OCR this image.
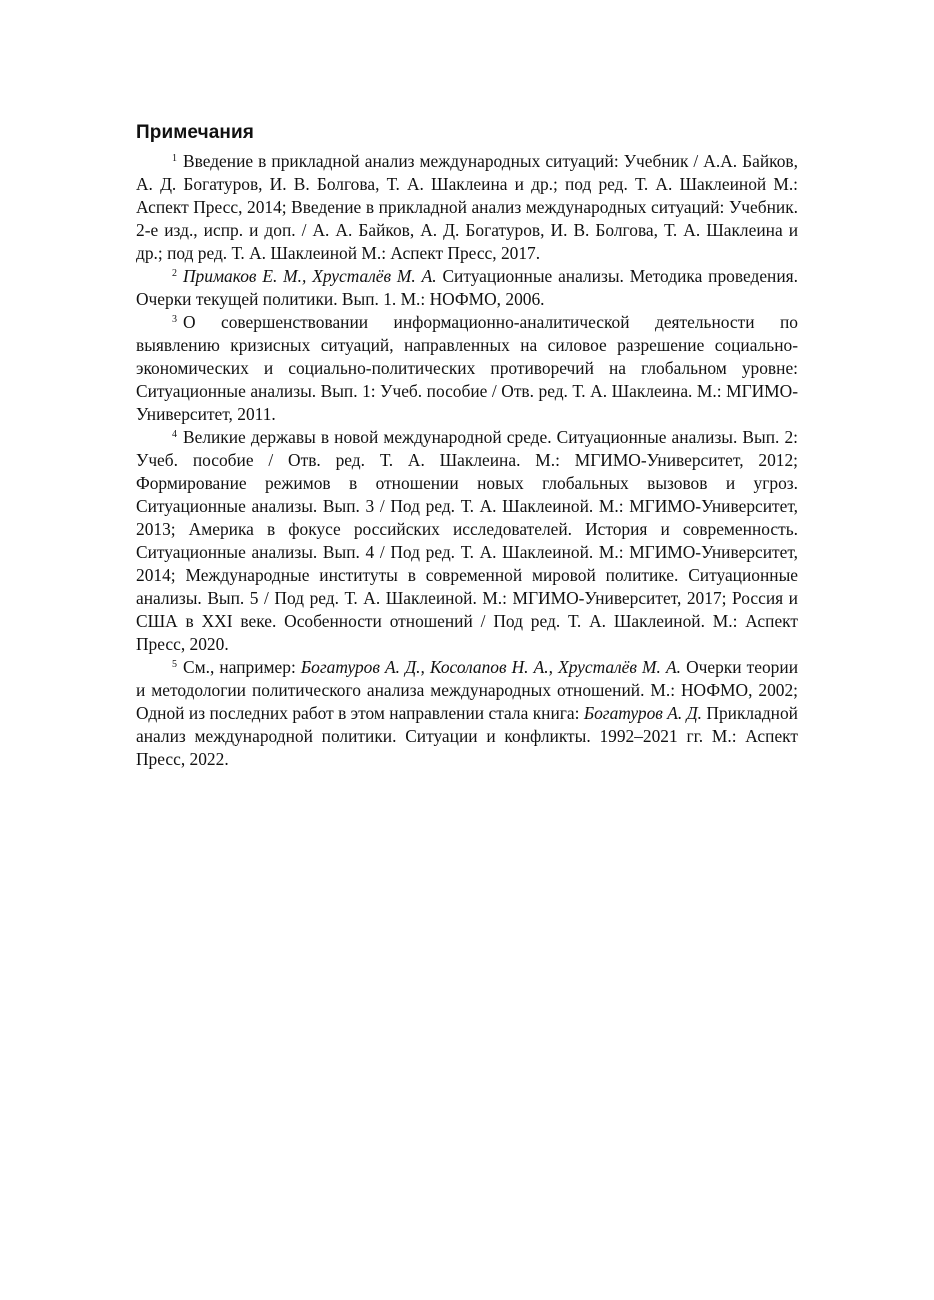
Примечания

$^1$ Введение в прикладной анализ международных ситуаций: Учебник / А.А. Байков, А. Д. Богатуров, И. В. Болгова, Т. А. Шаклеина и др.; под ред. Т. А. Шаклеиной М.: Аспект Пресс, 2014; Введение в прикладной анализ международных ситуаций: Учебник. 2-е изд., испр. и доп. / А. А. Байков, А. Д. Богатуров, И. В. Болгова, Т. А. Шаклеина и др.; под ред. Т. А. Шаклеиной М.: Аспект Пресс, 2017.

$^2$ Примаков Е. М., Хрусталёв М. А. Ситуационные анализы. Методика проведения. Очерки текущей политики. Вып. 1. М.: НОФМО, 2006.

$^3$ О совершенствовании информационно-аналитической деятельности по выявлению кризисных ситуаций, направленных на силовое разрешение социально-экономических и социально-политических противоречий на глобальном уровне: Ситуационные анализы. Вып. 1: Учеб. пособие / Отв. ред. Т. А. Шаклеина. М.: МГИМО-Университет, 2011.

$^4$ Великие державы в новой международной среде. Ситуационные анализы. Вып. 2: Учеб. пособие / Отв. ред. Т. А. Шаклеина. М.: МГИМО-Университет, 2012; Формирование режимов в отношении новых глобальных вызовов и угроз. Ситуационные анализы. Вып. 3 / Под ред. Т. А. Шаклеиной. М.: МГИМО-Университет, 2013; Америка в фокусе российских исследователей. История и современность. Ситуационные анализы. Вып. 4 / Под ред. Т. А. Шаклеиной. М.: МГИМО-Университет, 2014; Международные институты в современной мировой политике. Ситуационные анализы. Вып. 5 / Под ред. Т. А. Шаклеиной. М.: МГИМО-Университет, 2017; Россия и США в XXI веке. Особенности отношений / Под ред. Т. А. Шаклеиной. М.: Аспект Пресс, 2020.

$^5$ См., например: Богатуров А. Д., Косолапов Н. А., Хрусталёв М. А. Очерки теории и методологии политического анализа международных отношений. М.: НОФМО, 2002; Одной из последних работ в этом направлении стала книга: Богатуров А. Д. Прикладной анализ международной политики. Ситуации и конфликты. 1992–2021 гг. М.: Аспект Пресс, 2022.
